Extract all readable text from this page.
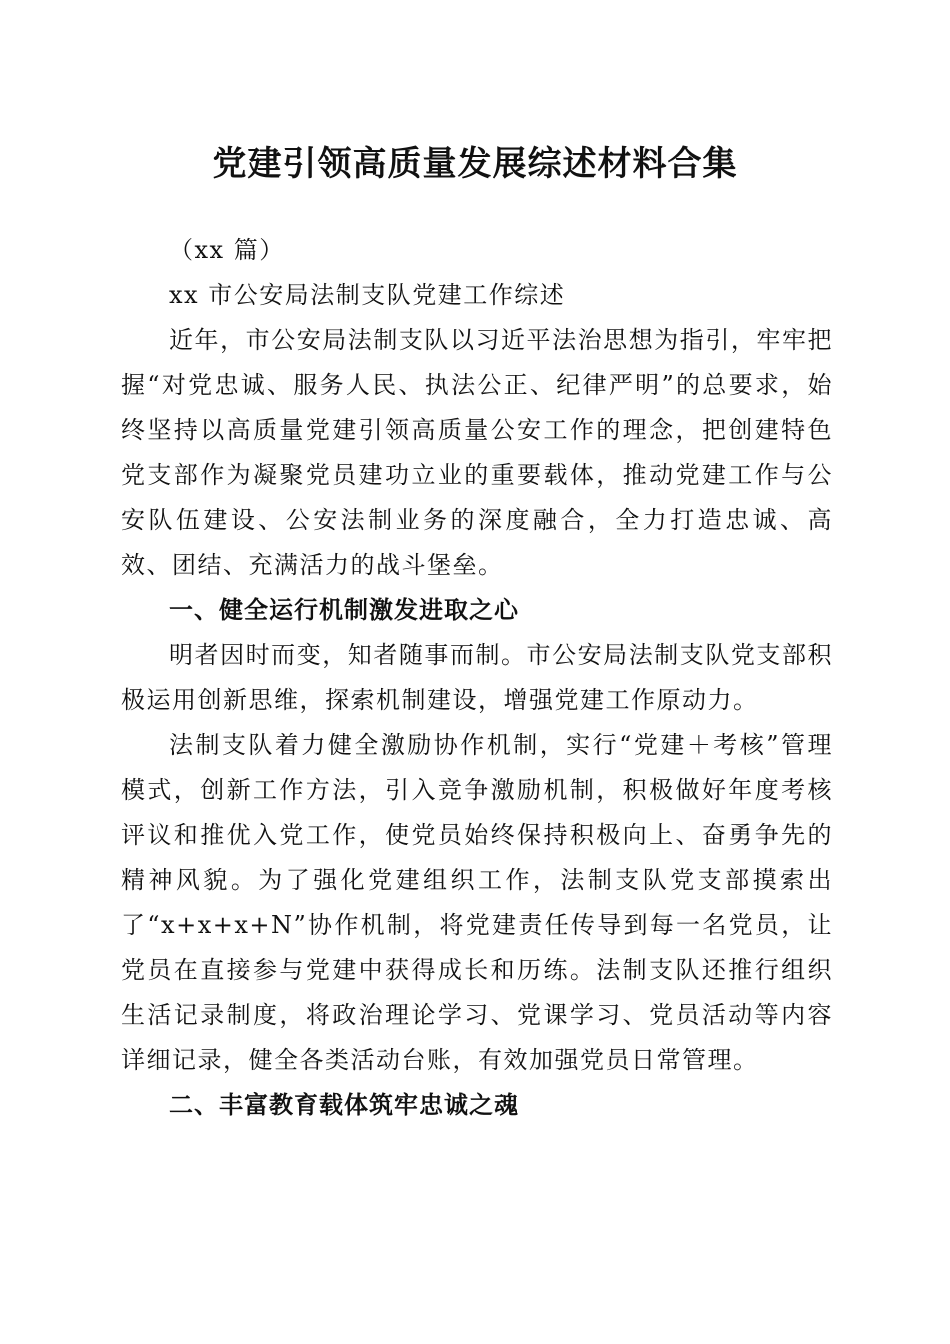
党建引领高质量发展综述材料合集

（xx 篇）

xx 市公安局法制支队党建工作综述

近年，市公安局法制支队以习近平法治思想为指引，牢牢把握“对党忠诚、服务人民、执法公正、纪律严明”的总要求，始终坚持以高质量党建引领高质量公安工作的理念，把创建特色党支部作为凝聚党员建功立业的重要载体，推动党建工作与公安队伍建设、公安法制业务的深度融合，全力打造忠诚、高效、团结、充满活力的战斗堡垒。

一、健全运行机制激发进取之心

明者因时而变，知者随事而制。市公安局法制支队党支部积极运用创新思维，探索机制建设，增强党建工作原动力。

法制支队着力健全激励协作机制，实行“党建＋考核”管理模式，创新工作方法，引入竞争激励机制，积极做好年度考核评议和推优入党工作，使党员始终保持积极向上、奋勇争先的精神风貌。为了强化党建组织工作，法制支队党支部摸索出了“x+x+x+N”协作机制，将党建责任传导到每一名党员，让党员在直接参与党建中获得成长和历练。法制支队还推行组织生活记录制度，将政治理论学习、党课学习、党员活动等内容详细记录，健全各类活动台账，有效加强党员日常管理。

二、丰富教育载体筑牢忠诚之魂
